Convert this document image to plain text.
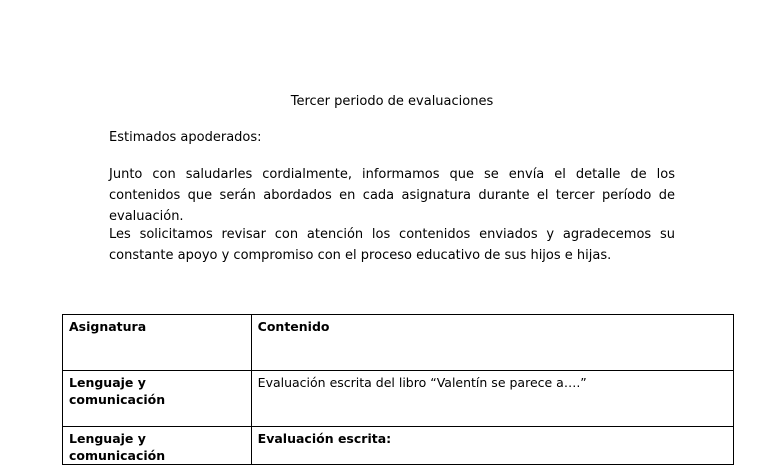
Tercer periodo de evaluaciones
Estimados apoderados:
Junto con saludarles cordialmente, informamos que se envía el detalle de los contenidos que serán abordados en cada asignatura durante el tercer período de evaluación.
Les solicitamos revisar con atención los contenidos enviados y agradecemos su constante apoyo y compromiso con el proceso educativo de sus hijos e hijas.
Asignatura	Contenido
Lenguaje y comunicación	Evaluación escrita del libro “Valentín se parece a….”
Lenguaje y comunicación	Evaluación escrita:
